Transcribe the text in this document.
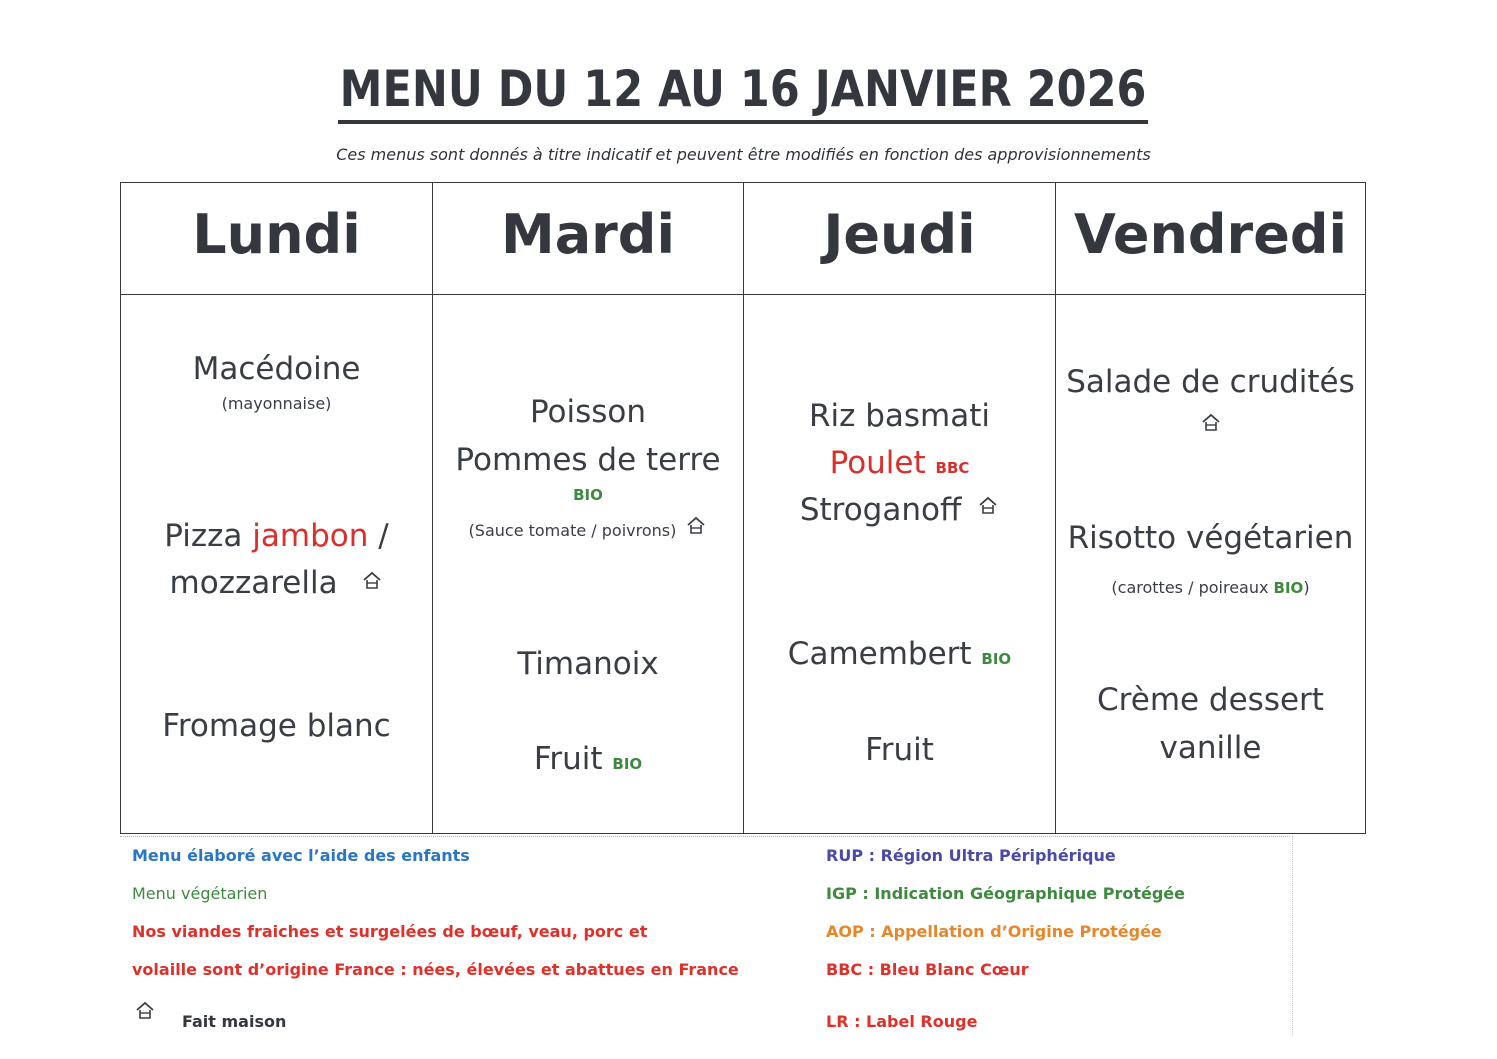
MENU DU 12 AU 16 JANVIER 2026
Ces menus sont donnés à titre indicatif et peuvent être modifiés en fonction des approvisionnements
Lundi
Macédoine
(mayonnaise)
Pizza jambon /
mozzarella
Fromage blanc
Mardi
Poisson
Pommes de terre
BIO
(Sauce tomate / poivrons)
Timanoix
Fruit BIO
Jeudi
Riz basmati
Poulet BBC
Stroganoff
Camembert BIO
Fruit
Vendredi
Salade de crudités
Risotto végétarien
(carottes / poireaux BIO)
Crème dessert
vanille
Menu élaboré avec l’aide des enfants
Menu végétarien
Nos viandes fraiches et surgelées de bœuf, veau, porc et
volaille sont d’origine France : nées, élevées et abattues en France
Fait maison
RUP : Région Ultra Périphérique
IGP : Indication Géographique Protégée
AOP : Appellation d’Origine Protégée
BBC : Bleu Blanc Cœur
LR : Label Rouge
